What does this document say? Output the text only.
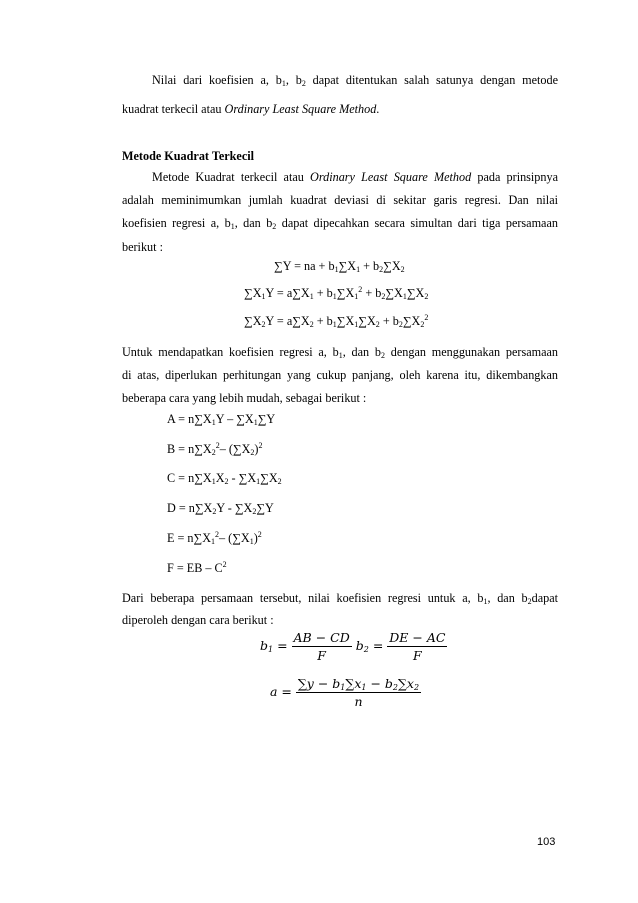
Nilai dari koefisien a, $b_1$, $b_2$ dapat ditentukan salah satunya dengan metode
kuadrat terkecil atau Ordinary Least Square Method.
Metode Kuadrat Terkecil
Metode Kuadrat terkecil atau Ordinary Least Square Method pada prinsipnya
adalah meminimumkan jumlah kuadrat deviasi di sekitar garis regresi. Dan nilai
koefisien regresi a, $b_1$, dan $b_2$ dapat dipecahkan secara simultan dari tiga persamaan
berikut :
∑Y = na + $b_1\sum X_1 + b_2\sum X_2$
$\sum X_1Y = a\sum X_1 + b_1\sum X_1^2 + b_2\sum X_1\sum X_2$
$\sum X_2Y = a\sum X_2 + b_1\sum X_1\sum X_2 + b_2\sum X_2^2$
Untuk mendapatkan koefisien regresi a, $b_1$, dan $b_2$ dengan menggunakan persamaan
di atas, diperlukan perhitungan yang cukup panjang, oleh karena itu, dikembangkan
beberapa cara yang lebih mudah, sebagai berikut :
$A = n\sum X_1Y - \sum X_1\sum Y$
$B = n\sum X_2^2-$ $(\sum X_2)^2$
$C = n\sum X_1X_2 - \sum X_1\sum X_2$
$D = n\sum X_2Y - \sum X_2\sum Y$
$E = n\sum X_1^2-$ $(\sum X_1)^2$
F = EB – $C^2$
Dari beberapa persamaan tersebut, nilai koefisien regresi untuk a, $b_1$, dan $b_2dapat$
diperoleh dengan cara berikut :
$b_1 = \frac{AB - CD}{F} b_2 = \frac{DE - AC}{F}$
$a = \frac{\sum y - b_1\sum x_1 - b_2\sum x_2}{n}$
103
